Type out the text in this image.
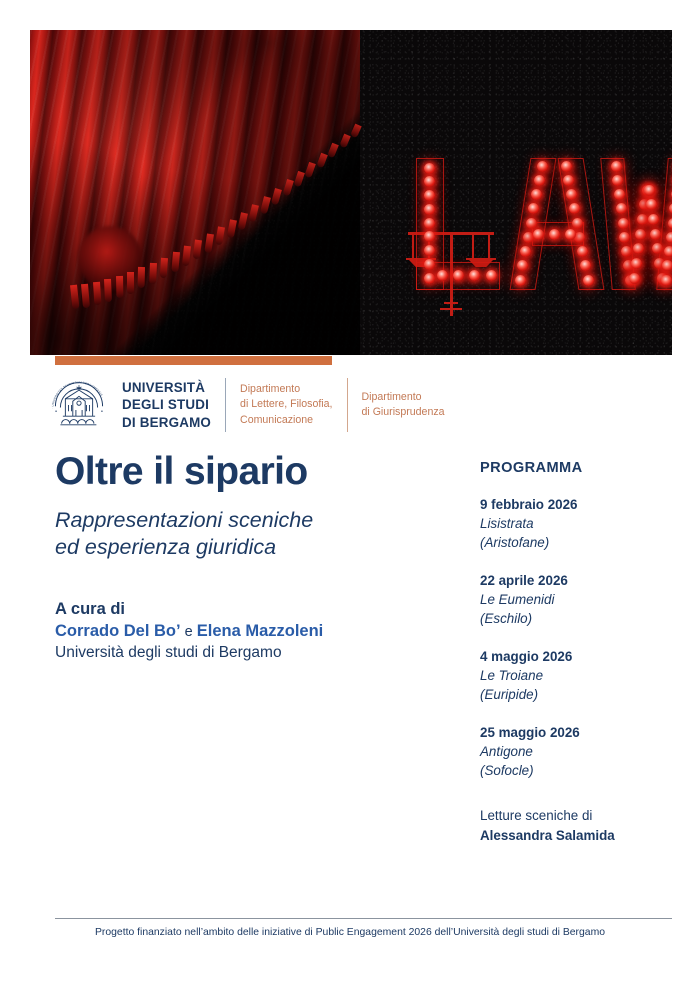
· UNIVERSITAS STUDIORUM BERGOMENSIS ·
UNIVERSITÀ
DEGLI STUDI
DI BERGAMO
Dipartimento
di Lettere, Filosofia,
Comunicazione
Dipartimento
di Giurisprudenza
Oltre il sipario
Rappresentazioni sceniche
ed esperienza giuridica
A cura di
Corrado Del Bo’ e Elena Mazzoleni
Università degli studi di Bergamo
PROGRAMMA
9 febbraio 2026
Lisistrata
(Aristofane)
22 aprile 2026
Le Eumenidi
(Eschilo)
4 maggio 2026
Le Troiane
(Euripide)
25 maggio 2026
Antigone
(Sofocle)
Letture sceniche di
Alessandra Salamida
Progetto finanziato nell’ambito delle iniziative di Public Engagement 2026 dell’Università degli studi di Bergamo
